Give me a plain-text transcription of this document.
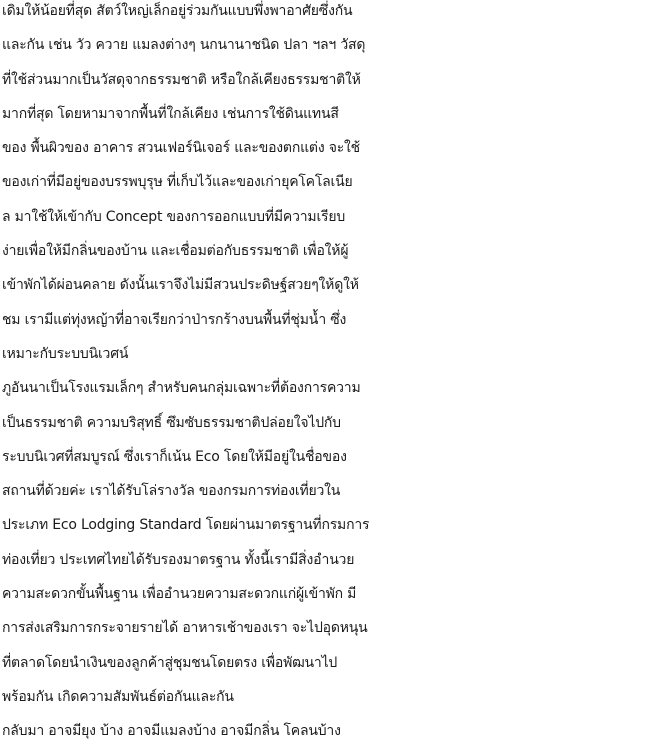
เดิมให้น้อยที่สุด สัตว์ใหญ่เล็กอยู่ร่วมกันแบบพึ่งพาอาศัยซึ่งกัน
และกัน เช่น วัว ควาย แมลงต่างๆ นกนานาชนิด ปลา ฯลฯ วัสดุ
ที่ใช้ส่วนมากเป็นวัสดุจากธรรมชาติ หรือใกล้เคียงธรรมชาติให้
มากที่สุด โดยหามาจากพื้นที่ใกล้เคียง เช่นการใช้ดินแทนสี
ของ พื้นผิวของ อาคาร สวนเฟอร์นิเจอร์ และของตกแต่ง จะใช้
ของเก่าที่มีอยู่ของบรรพบุรุษ ที่เก็บไว้และของเก่ายุคโคโลเนีย
ล มาใช้ให้เข้ากับ Concept ของการออกแบบที่มีความเรียบ
ง่ายเพื่อให้มีกลิ่นของบ้าน และเชื่อมต่อกับธรรมชาติ เพื่อให้ผู้
เข้าพักได้ผ่อนคลาย ดังนั้นเราจึงไม่มีสวนประดิษฐ์สวยๆให้ดูให้
ชม เรามีแต่ทุ่งหญ้าที่อาจเรียกว่าป่ารกร้างบนพื้นที่ชุ่มน้ำ ซึ่ง
เหมาะกับระบบนิเวศน์
ภูอันนาเป็นโรงแรมเล็กๆ สำหรับคนกลุ่มเฉพาะที่ต้องการความ
เป็นธรรมชาติ ความบริสุทธิ์ ซึมซับธรรมชาติปล่อยใจไปกับ
ระบบนิเวศที่สมบูรณ์ ซึ่งเราก็เน้น Eco โดยให้มีอยู่ในชื่อของ
สถานที่ด้วยค่ะ เราได้รับโล่รางวัล ของกรมการท่องเที่ยวใน
ประเภท Eco Lodging Standard โดยผ่านมาตรฐานที่กรมการ
ท่องเที่ยว ประเทศไทยได้รับรองมาตรฐาน ทั้งนี้เรามีสิ่งอำนวย
ความสะดวกขั้นพื้นฐาน เพื่ออำนวยความสะดวกแก่ผู้เข้าพัก มี
การส่งเสริมการกระจายรายได้ อาหารเช้าของเรา จะไปอุดหนุน
ที่ตลาดโดยนำเงินของลูกค้าสู่ชุมชนโดยตรง เพื่อพัฒนาไป
พร้อมกัน เกิดความสัมพันธ์ต่อกันและกัน
กลับมา อาจมียุง บ้าง อาจมีแมลงบ้าง อาจมีกลิ่น โคลนบ้าง
